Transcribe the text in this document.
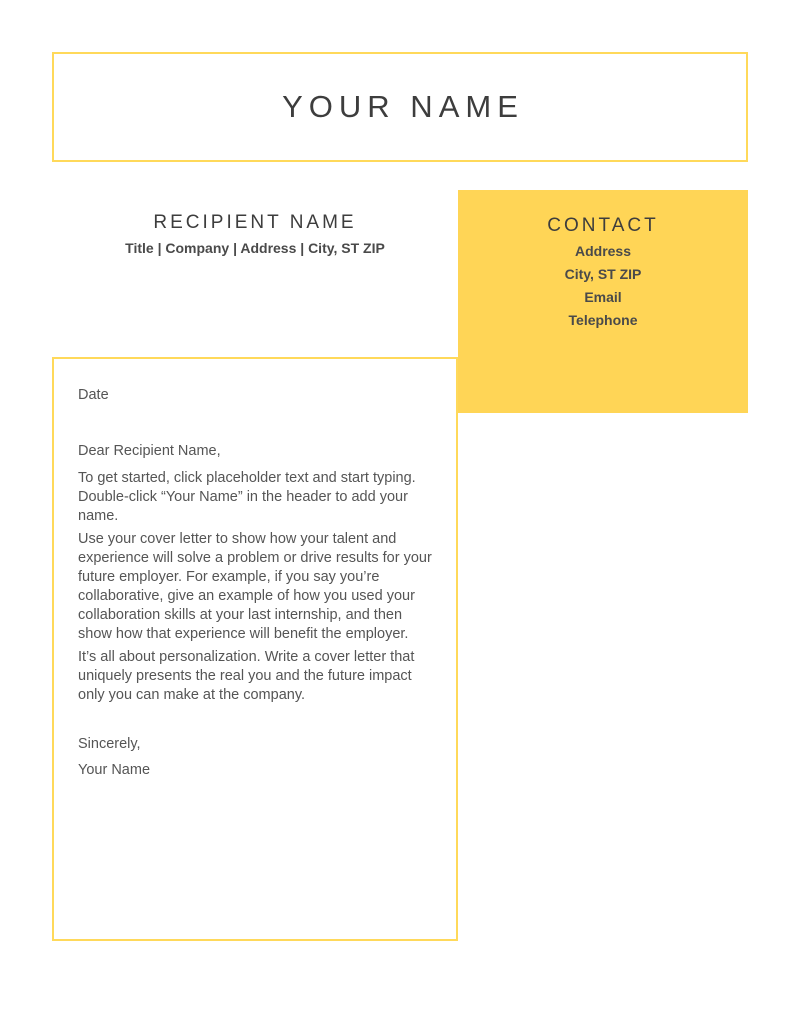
YOUR NAME
RECIPIENT NAME
Title | Company | Address | City, ST ZIP
CONTACT
Address
City, ST ZIP
Email
Telephone

Date

Dear Recipient Name,

To get started, click placeholder text and start typing. Double-click “Your Name” in the header to add your name.

Use your cover letter to show how your talent and experience will solve a problem or drive results for your future employer. For example, if you say you’re collaborative, give an example of how you used your collaboration skills at your last internship, and then show how that experience will benefit the employer.

It’s all about personalization. Write a cover letter that uniquely presents the real you and the future impact only you can make at the company.

Sincerely,

Your Name
